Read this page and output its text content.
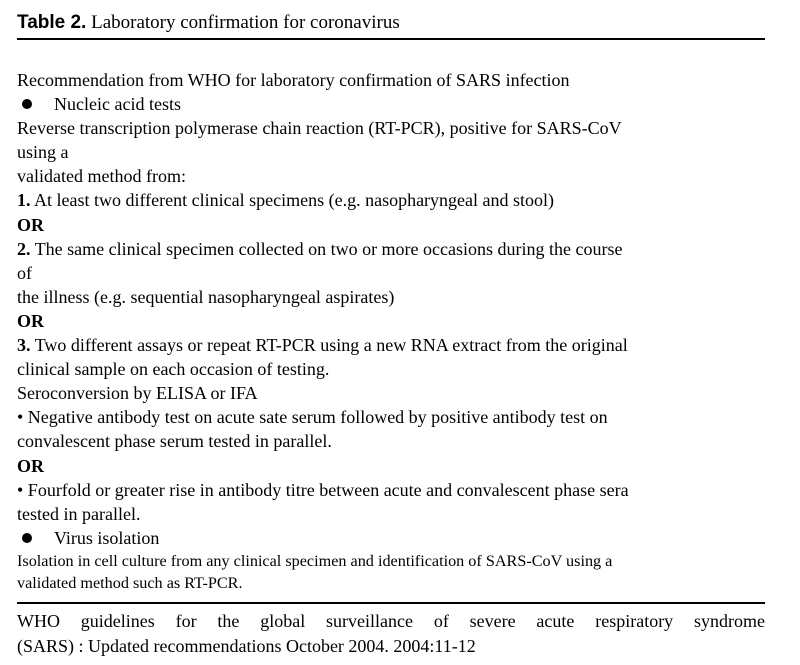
Table 2. Laboratory confirmation for coronavirus
Recommendation from WHO for laboratory confirmation of SARS infection
Nucleic acid tests
Reverse transcription polymerase chain reaction (RT-PCR), positive for SARS-CoV
using a
validated method from:
1. At least two different clinical specimens (e.g. nasopharyngeal and stool)
OR
2. The same clinical specimen collected on two or more occasions during the course
of
the illness (e.g. sequential nasopharyngeal aspirates)
OR
3. Two different assays or repeat RT-PCR using a new RNA extract from the original
clinical sample on each occasion of testing.
Seroconversion by ELISA or IFA
• Negative antibody test on acute sate serum followed by positive antibody test on
convalescent phase serum tested in parallel.
OR
• Fourfold or greater rise in antibody titre between acute and convalescent phase sera
tested in parallel.
Virus isolation
Isolation in cell culture from any clinical specimen and identification of SARS-CoV using a
validated method such as RT-PCR.
WHO guidelines for the global surveillance of severe acute respiratory syndrome
(SARS) : Updated recommendations October 2004. 2004:11-12
